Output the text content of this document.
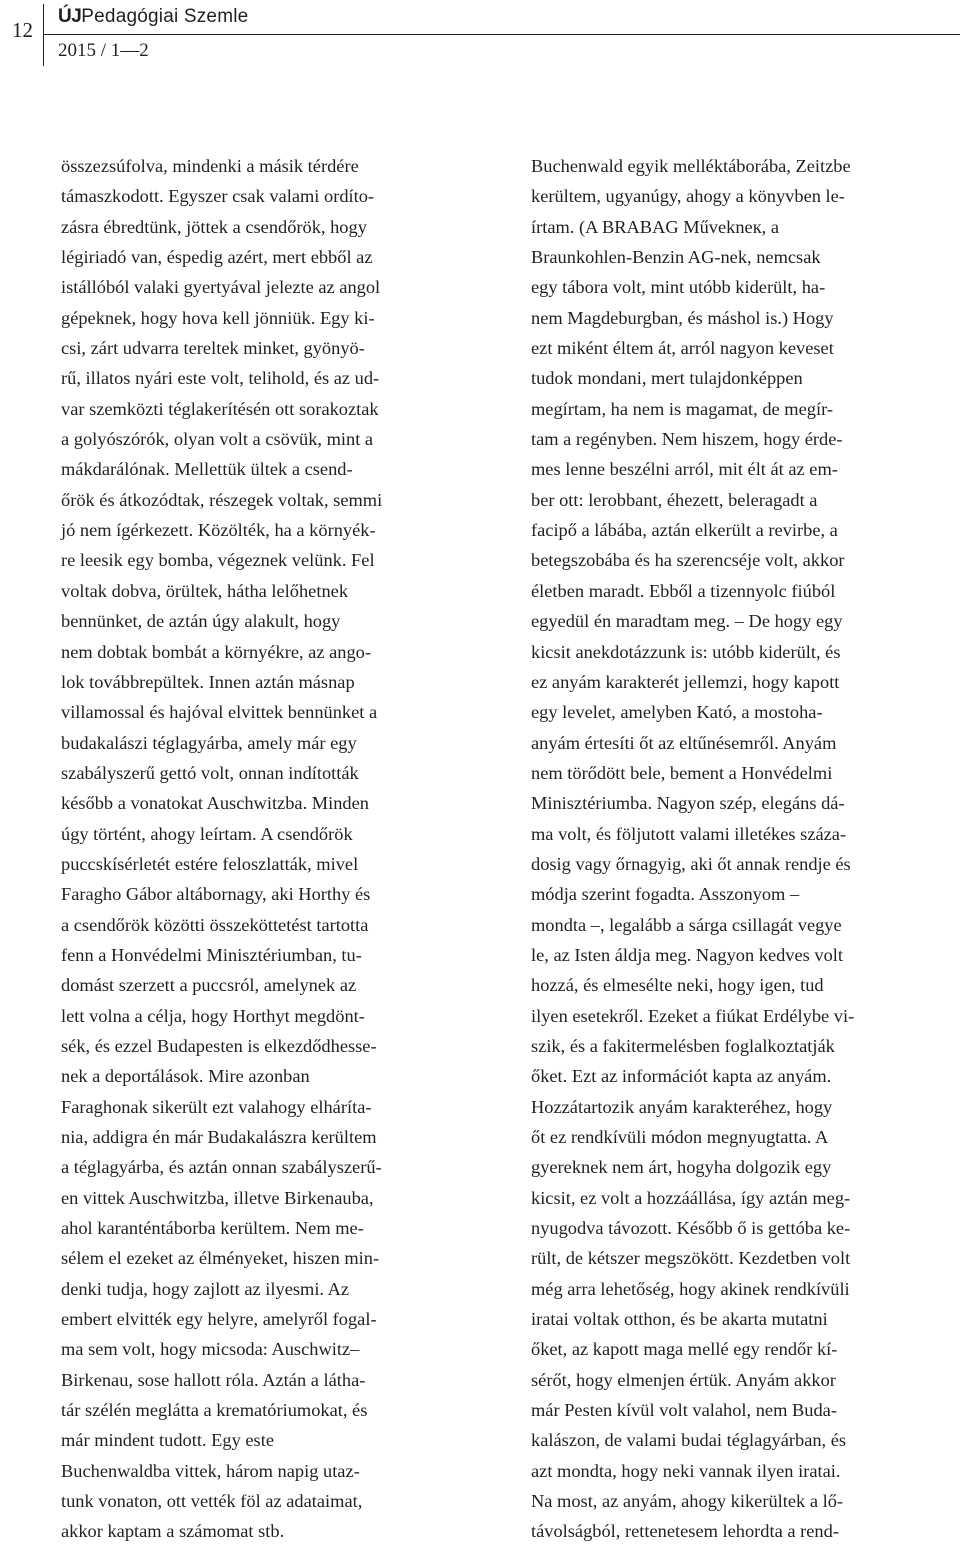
12
ÚJPedagógiai Szemle
2015 / 1—2
összezsúfolva, mindenki a másik térdére
támaszkodott. Egyszer csak valami ordíto-
zásra ébredtünk, jöttek a csendőrök, hogy
légiriadó van, éspedig azért, mert ebből az
istállóból valaki gyertyával jelezte az angol
gépeknek, hogy hova kell jönniük. Egy ki-
csi, zárt udvarra tereltek minket, gyönyö-
rű, illatos nyári este volt, telihold, és az ud-
var szemközti téglakerítésén ott sorakoztak
a golyószórók, olyan volt a csövük, mint a
mákdarálónak. Mellettük ültek a csend-
őrök és átkozódtak, részegek voltak, semmi
jó nem ígérkezett. Közölték, ha a környék-
re leesik egy bomba, végeznek velünk. Fel
voltak dobva, örültek, hátha lelőhetnek
bennünket, de aztán úgy alakult, hogy
nem dobtak bombát a környékre, az ango-
lok továbbrepültek. Innen aztán másnap
villamossal és hajóval elvittek bennünket a
budakalászi téglagyárba, amely már egy
szabályszerű gettó volt, onnan indították
később a vonatokat Auschwitzba. Minden
úgy történt, ahogy leírtam. A csendőrök
puccskísérletét estére feloszlatták, mivel
Faragho Gábor altábornagy, aki Horthy és
a csendőrök közötti összeköttetést tartotta
fenn a Honvédelmi Minisztériumban, tu-
domást szerzett a puccsról, amelynek az
lett volna a célja, hogy Horthyt megdönt-
sék, és ezzel Budapesten is elkezdődhesse-
nek a deportálások. Mire azonban
Faraghonak sikerült ezt valahogy elháríta-
nia, addigra én már Budakalászra kerültem
a téglagyárba, és aztán onnan szabályszerű-
en vittek Auschwitzba, illetve Birkenauba,
ahol karanténtáborba kerültem. Nem me-
sélem el ezeket az élményeket, hiszen min-
denki tudja, hogy zajlott az ilyesmi. Az
embert elvitték egy helyre, amelyről fogal-
ma sem volt, hogy micsoda: Auschwitz–
Birkenau, sose hallott róla. Aztán a látha-
tár szélén meglátta a krematóriumokat, és
már mindent tudott. Egy este
Buchenwaldba vittek, három napig utaz-
tunk vonaton, ott vették föl az adataimat,
akkor kaptam a számomat stb.
Buchenwald egyik melléktáborába, Zeitzbe
kerültem, ugyanúgy, ahogy a könyvben le-
írtam. (A BRABAG Művekneк, a
Braunkohlen-Benzin AG-nek, nemcsak
egy tábora volt, mint utóbb kiderült, ha-
nem Magdeburgban, és máshol is.) Hogy
ezt miként éltem át, arról nagyon keveset
tudok mondani, mert tulajdonképpen
megírtam, ha nem is magamat, de megír-
tam a regényben. Nem hiszem, hogy érde-
mes lenne beszélni arról, mit élt át az em-
ber ott: lerobbant, éhezett, beleragadt a
facipő a lábába, aztán elkerült a revirbe, a
betegszobába és ha szerencséje volt, akkor
életben maradt. Ebből a tizennyolc fiúból
egyedül én maradtam meg. – De hogy egy
kicsit anekdotázzunk is: utóbb kiderült, és
ez anyám karakterét jellemzi, hogy kapott
egy levelet, amelyben Kató, a mostoha-
anyám értesíti őt az eltűnésemről. Anyám
nem törődött bele, bement a Honvédelmi
Minisztériumba. Nagyon szép, elegáns dá-
ma volt, és följutott valami illetékes száza-
dosig vagy őrnagyig, aki őt annak rendje és
módja szerint fogadta. Asszonyom –
mondta –, legalább a sárga csillagát vegye
le, az Isten áldja meg. Nagyon kedves volt
hozzá, és elmesélte neki, hogy igen, tud
ilyen esetekről. Ezeket a fiúkat Erdélybe vi-
szik, és a fakitermelésben foglalkoztatják
őket. Ezt az információt kapta az anyám.
Hozzátartozik anyám karakteréhez, hogy
őt ez rendkívüli módon megnyugtatta. A
gyereknek nem árt, hogyha dolgozik egy
kicsit, ez volt a hozzáállása, így aztán meg-
nyugodva távozott. Később ő is gettóba ke-
rült, de kétszer megszökött. Kezdetben volt
még arra lehetőség, hogy akinek rendkívüli
iratai voltak otthon, és be akarta mutatni
őket, az kapott maga mellé egy rendőr kí-
sérőt, hogy elmenjen értük. Anyám akkor
már Pesten kívül volt valahol, nem Buda-
kalászon, de valami budai téglagyárban, és
azt mondta, hogy neki vannak ilyen iratai.
Na most, az anyám, ahogy kikerültek a lő-
távolságból, rettenetesem lehordta a rend-
